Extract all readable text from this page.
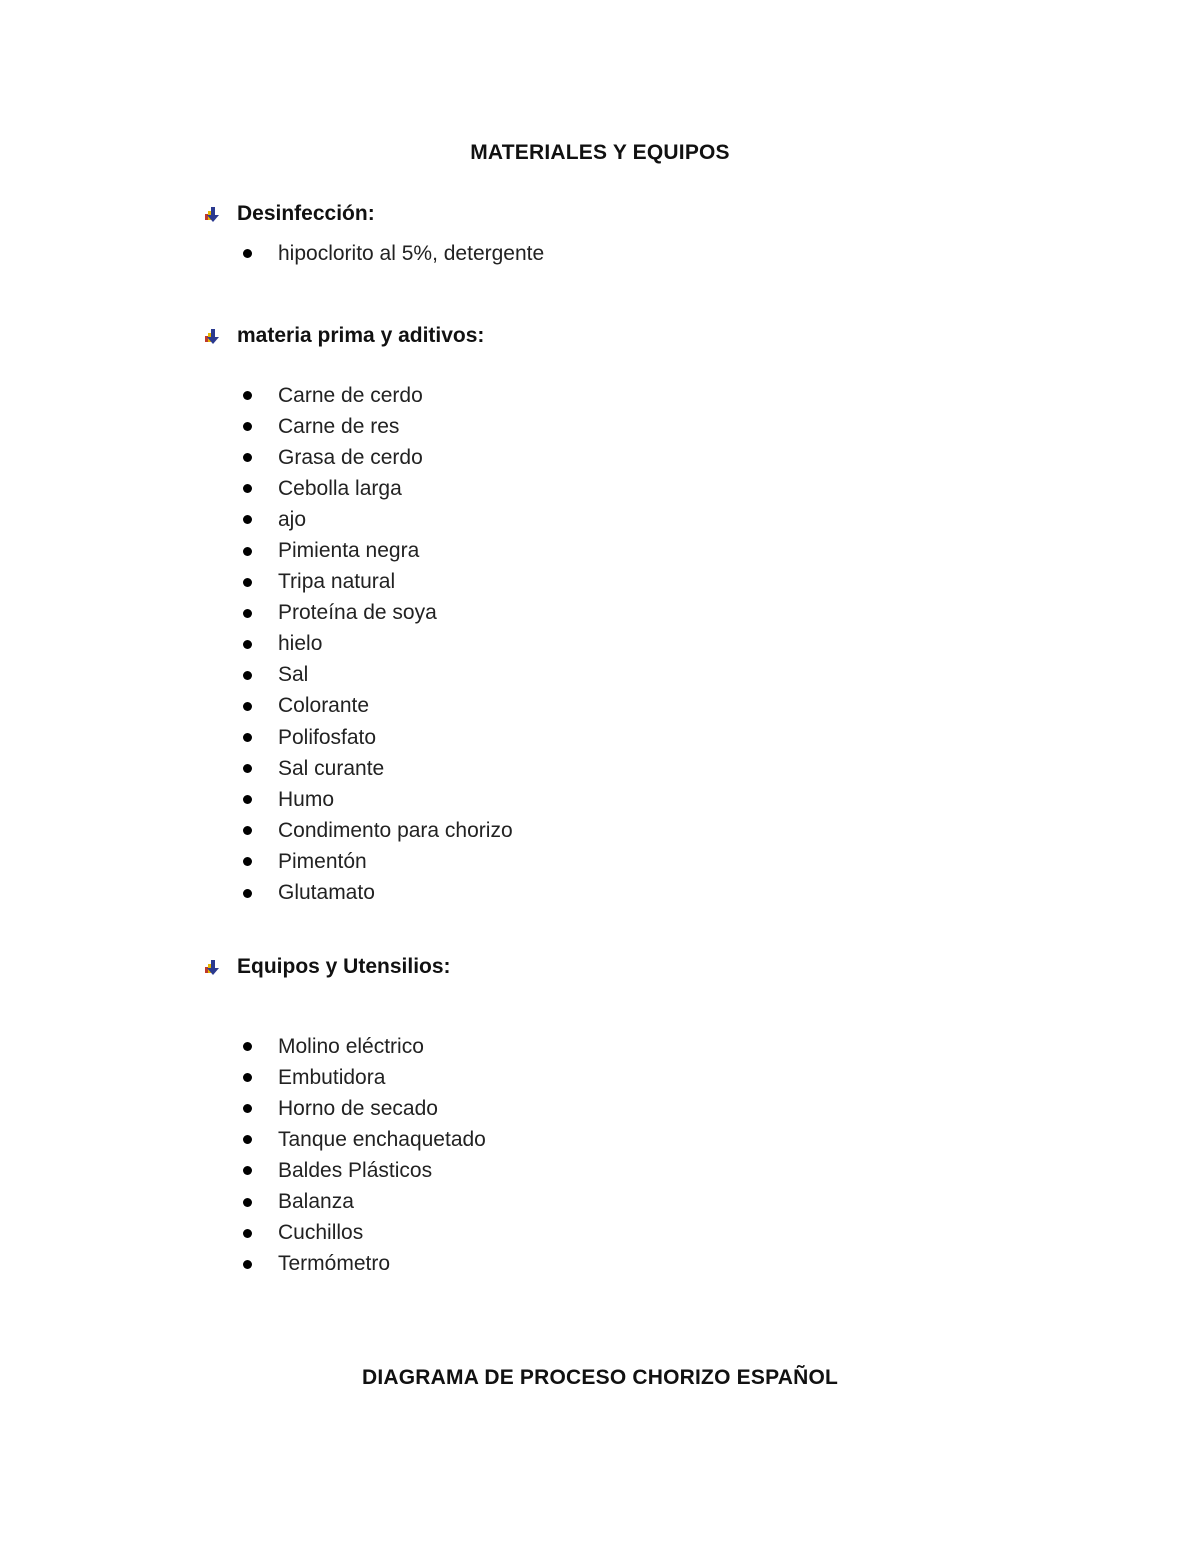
MATERIALES Y EQUIPOS
Desinfección:
hipoclorito al 5%, detergente
materia prima y aditivos:
Carne de cerdo
Carne de res
Grasa de cerdo
Cebolla larga
ajo
Pimienta negra
Tripa natural
Proteína de soya
hielo
Sal
Colorante
Polifosfato
Sal curante
Humo
Condimento para chorizo
Pimentón
Glutamato
Equipos y Utensilios:
Molino eléctrico
Embutidora
Horno de secado
Tanque enchaquetado
Baldes Plásticos
Balanza
Cuchillos
Termómetro
DIAGRAMA DE PROCESO CHORIZO ESPAÑOL
